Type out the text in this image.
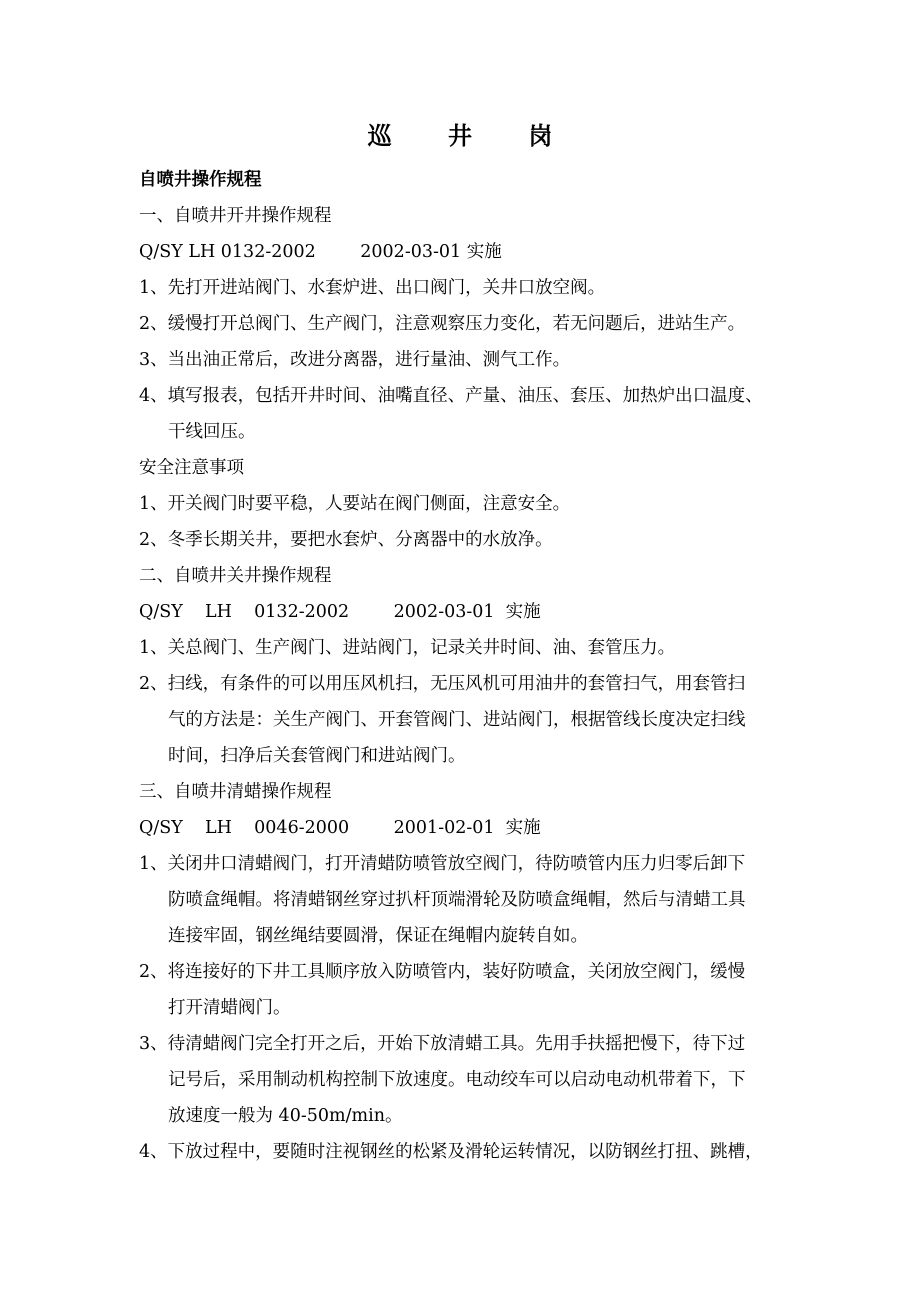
巡 井 岗
自喷井操作规程
一、自喷井开井操作规程
Q/SY LH 0132-2002        2002-03-01 实施
1、先打开进站阀门、水套炉进、出口阀门，关井口放空阀。
2、缓慢打开总阀门、生产阀门，注意观察压力变化，若无问题后，进站生产。
3、当出油正常后，改进分离器，进行量油、测气工作。
4、填写报表，包括开井时间、油嘴直径、产量、油压、套压、加热炉出口温度、
干线回压。
安全注意事项
1、开关阀门时要平稳，人要站在阀门侧面，注意安全。
2、冬季长期关井，要把水套炉、分离器中的水放净。
二、自喷井关井操作规程
Q/SY    LH    0132-2002        2002-03-01  实施
1、关总阀门、生产阀门、进站阀门，记录关井时间、油、套管压力。
2、扫线，有条件的可以用压风机扫，无压风机可用油井的套管扫气，用套管扫
气的方法是：关生产阀门、开套管阀门、进站阀门，根据管线长度决定扫线
时间，扫净后关套管阀门和进站阀门。
三、自喷井清蜡操作规程
Q/SY    LH    0046-2000        2001-02-01  实施
1、关闭井口清蜡阀门，打开清蜡防喷管放空阀门，待防喷管内压力归零后卸下
防喷盒绳帽。将清蜡钢丝穿过扒杆顶端滑轮及防喷盒绳帽，然后与清蜡工具
连接牢固，钢丝绳结要圆滑，保证在绳帽内旋转自如。
2、将连接好的下井工具顺序放入防喷管内，装好防喷盒，关闭放空阀门，缓慢
打开清蜡阀门。
3、待清蜡阀门完全打开之后，开始下放清蜡工具。先用手扶摇把慢下，待下过
记号后，采用制动机构控制下放速度。电动绞车可以启动电动机带着下，下
放速度一般为 40-50m/min。
4、下放过程中，要随时注视钢丝的松紧及滑轮运转情况，以防钢丝打扭、跳槽，
